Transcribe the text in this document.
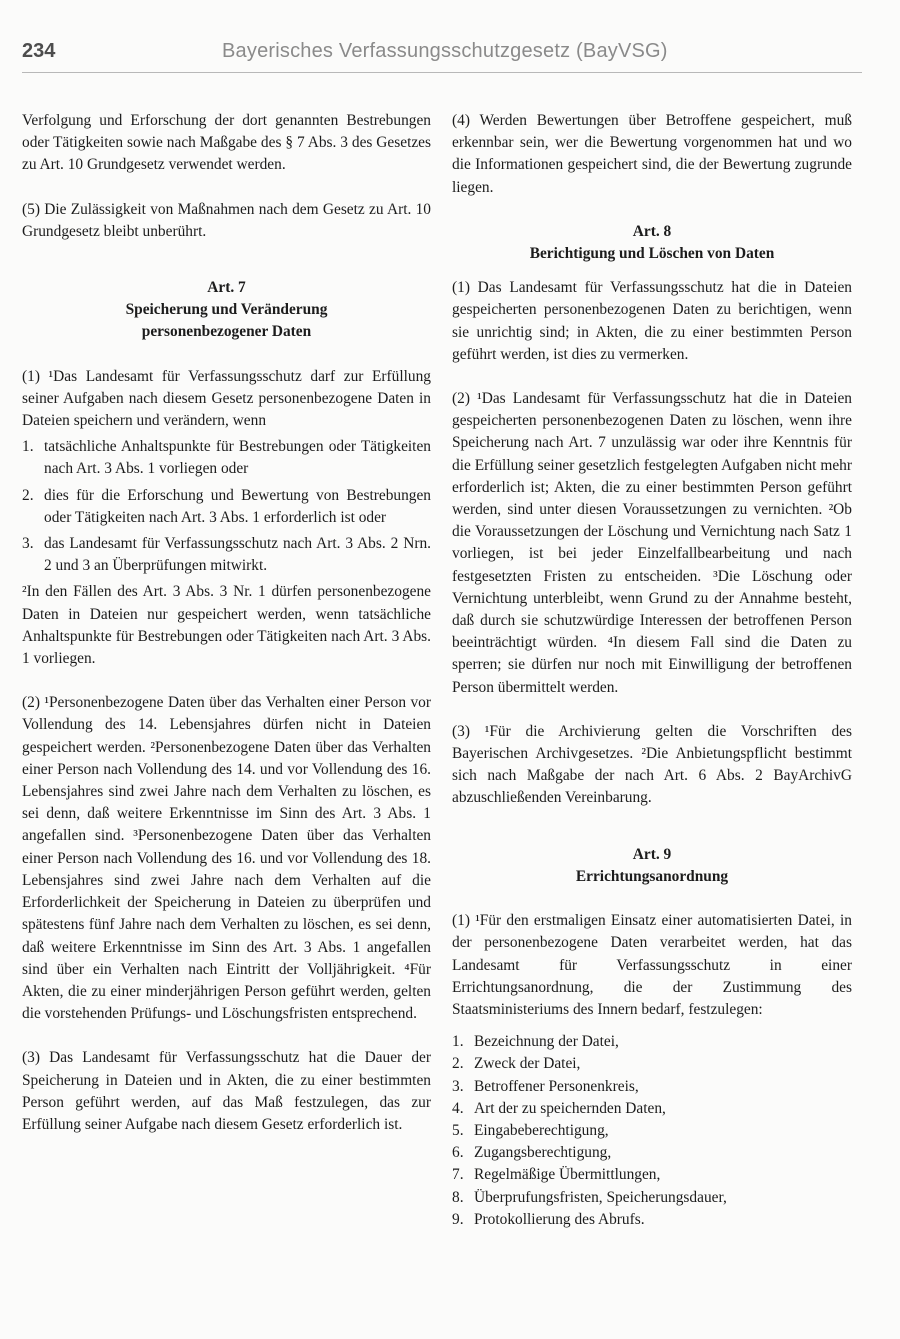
234	Bayerisches Verfassungsschutzgesetz (BayVSG)

Verfolgung und Erforschung der dort genannten Bestrebungen oder Tätigkeiten sowie nach Maßgabe des § 7 Abs. 3 des Gesetzes zu Art. 10 Grundgesetz verwendet werden.

(5) Die Zulässigkeit von Maßnahmen nach dem Gesetz zu Art. 10 Grundgesetz bleibt unberührt.

Art. 7

Speicherung und Veränderung

personenbezogener Daten

(1) ¹Das Landesamt für Verfassungsschutz darf zur Erfüllung seiner Aufgaben nach diesem Gesetz personenbezogene Daten in Dateien speichern und verändern, wenn

1. tatsächliche Anhaltspunkte für Bestrebungen oder Tätigkeiten nach Art. 3 Abs. 1 vorliegen oder
2. dies für die Erforschung und Bewertung von Bestrebungen oder Tätigkeiten nach Art. 3 Abs. 1 erforderlich ist oder
3. das Landesamt für Verfassungsschutz nach Art. 3 Abs. 2 Nrn. 2 und 3 an Überprüfungen mitwirkt.

²In den Fällen des Art. 3 Abs. 3 Nr. 1 dürfen personenbezogene Daten in Dateien nur gespeichert werden, wenn tatsächliche Anhaltspunkte für Bestrebungen oder Tätigkeiten nach Art. 3 Abs. 1 vorliegen.

(2) ¹Personenbezogene Daten über das Verhalten einer Person vor Vollendung des 14. Lebensjahres dürfen nicht in Dateien gespeichert werden. ²Personenbezogene Daten über das Verhalten einer Person nach Vollendung des 14. und vor Vollendung des 16. Lebensjahres sind zwei Jahre nach dem Verhalten zu löschen, es sei denn, daß weitere Erkenntnisse im Sinn des Art. 3 Abs. 1 angefallen sind. ³Personenbezogene Daten über das Verhalten einer Person nach Vollendung des 16. und vor Vollendung des 18. Lebensjahres sind zwei Jahre nach dem Verhalten auf die Erforderlichkeit der Speicherung in Dateien zu überprüfen und spätestens fünf Jahre nach dem Verhalten zu löschen, es sei denn, daß weitere Erkenntnisse im Sinn des Art. 3 Abs. 1 angefallen sind über ein Verhalten nach Eintritt der Volljährigkeit. ⁴Für Akten, die zu einer minderjährigen Person geführt werden, gelten die vorstehenden Prüfungs- und Löschungsfristen entsprechend.

(3) Das Landesamt für Verfassungsschutz hat die Dauer der Speicherung in Dateien und in Akten, die zu einer bestimmten Person geführt werden, auf das Maß festzulegen, das zur Erfüllung seiner Aufgabe nach diesem Gesetz erforderlich ist.

(4) Werden Bewertungen über Betroffene gespeichert, muß erkennbar sein, wer die Bewertung vorgenommen hat und wo die Informationen gespeichert sind, die der Bewertung zugrunde liegen.

Art. 8

Berichtigung und Löschen von Daten

(1) Das Landesamt für Verfassungsschutz hat die in Dateien gespeicherten personenbezogenen Daten zu berichtigen, wenn sie unrichtig sind; in Akten, die zu einer bestimmten Person geführt werden, ist dies zu vermerken.

(2) ¹Das Landesamt für Verfassungsschutz hat die in Dateien gespeicherten personenbezogenen Daten zu löschen, wenn ihre Speicherung nach Art. 7 unzulässig war oder ihre Kenntnis für die Erfüllung seiner gesetzlich festgelegten Aufgaben nicht mehr erforderlich ist; Akten, die zu einer bestimmten Person geführt werden, sind unter diesen Voraussetzungen zu vernichten. ²Ob die Voraussetzungen der Löschung und Vernichtung nach Satz 1 vorliegen, ist bei jeder Einzelfallbearbeitung und nach festgesetzten Fristen zu entscheiden. ³Die Löschung oder Vernichtung unterbleibt, wenn Grund zu der Annahme besteht, daß durch sie schutzwürdige Interessen der betroffenen Person beeinträchtigt würden. ⁴In diesem Fall sind die Daten zu sperren; sie dürfen nur noch mit Einwilligung der betroffenen Person übermittelt werden.

(3) ¹Für die Archivierung gelten die Vorschriften des Bayerischen Archivgesetzes. ²Die Anbietungspflicht bestimmt sich nach Maßgabe der nach Art. 6 Abs. 2 BayArchivG abzuschließenden Vereinbarung.

Art. 9

Errichtungsanordnung

(1) ¹Für den erstmaligen Einsatz einer automatisierten Datei, in der personenbezogene Daten verarbeitet werden, hat das Landesamt für Verfassungsschutz in einer Errichtungsanordnung, die der Zustimmung des Staatsministeriums des Innern bedarf, festzulegen:

1. Bezeichnung der Datei,
2. Zweck der Datei,
3. Betroffener Personenkreis,
4. Art der zu speichernden Daten,
5. Eingabeberechtigung,
6. Zugangsberechtigung,
7. Regelmäßige Übermittlungen,
8. Überprufungsfristen, Speicherungsdauer,
9. Protokollierung des Abrufs.
